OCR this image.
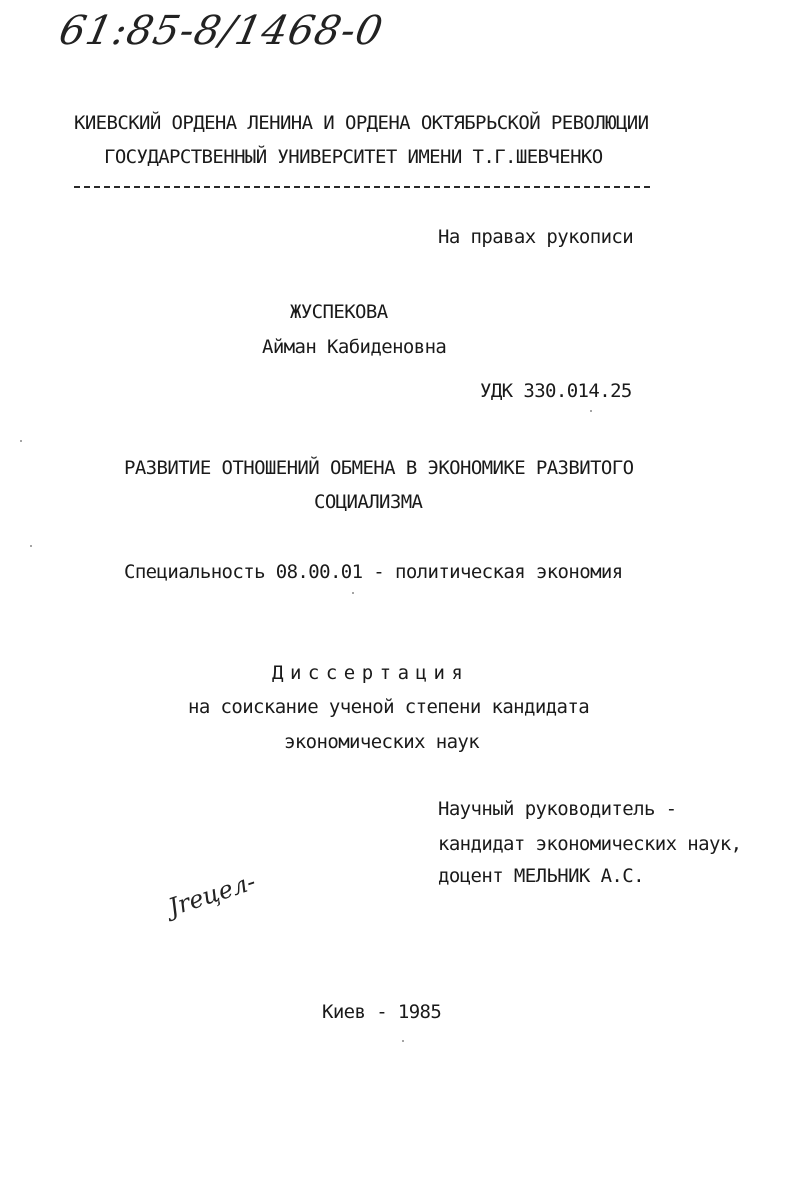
61:85-8/1468-0
КИЕВСКИЙ ОРДЕНА ЛЕНИНА И ОРДЕНА ОКТЯБРЬСКОЙ РЕВОЛЮЦИИ
ГОСУДАРСТВЕННЫЙ УНИВЕРСИТЕТ ИМЕНИ Т.Г.ШЕВЧЕНКО
На правах рукописи
ЖУСПЕКОВА
Айман Кабиденовна
УДК 330.014.25
РАЗВИТИЕ ОТНОШЕНИЙ ОБМЕНА В ЭКОНОМИКЕ РАЗВИТОГО
СОЦИАЛИЗМА
Специальность 08.00.01 - политическая экономия
Диссертация
на соискание ученой степени кандидата
экономических наук
Научный руководитель -
кандидат экономических наук,
доцент МЕЛЬНИК А.С.
Jreцел-
Киев - 1985
